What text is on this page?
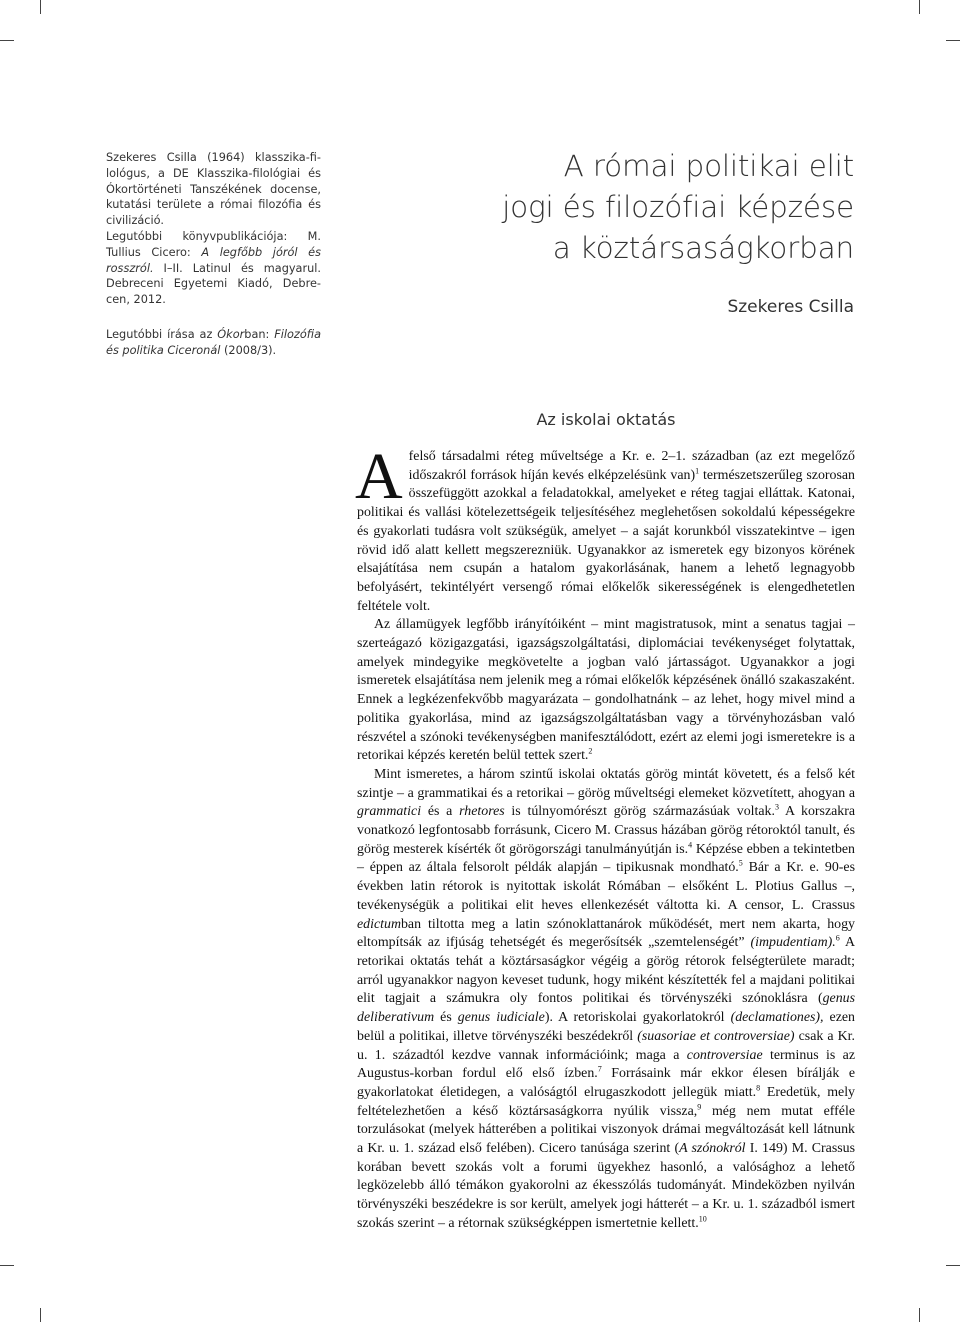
Szekeres Csilla (1964) klasszika-fi-lológus, a DE Klasszika-filológiai és Ókortörténeti Tanszékének docense, kutatási területe a római filozófia és civilizáció.
Legutóbbi könyvpublikációja: M. Tullius Cicero: A legfőbb jóról és rosszról. I–II. Latinul és magyarul. Debreceni Egyetemi Kiadó, Debre-cen, 2012.

Legutóbbi írása az Ókorban: Filozófia és politika Ciceronál (2008/3).

A római politikai elit
jogi és filozófiai képzése
a köztársaságkorban
Szekeres Csilla
Az iskolai oktatás

Afelső társadalmi réteg műveltsége a Kr. e. 2–1. században (az ezt megelőző időszakról források híján kevés elképzelésünk van)$^1$ természetszerűleg szorosan összefüggött azokkal a feladatokkal, amelyeket e réteg tagjai elláttak. Katonai, politikai és vallási kötelezettségeik teljesítéséhez meglehetősen sokoldalú képességekre és gyakorlati tudásra volt szükségük, amelyet – a saját korunkból visszatekintve – igen rövid idő alatt kellett megszerezniük. Ugyanakkor az ismeretek egy bizonyos körének elsajátítása nem csupán a hatalom gyakorlásának, hanem a lehető legnagyobb befolyásért, tekintélyért versengő római előkelők sikerességének is elengedhetetlen feltétele volt.

Az államügyek legfőbb irányítóiként – mint magistratusok, mint a senatus tagjai – szerteágazó közigazgatási, igazságszolgáltatási, diplomáciai tevékenységet folytattak, amelyek mindegyike megkövetelte a jogban való jártasságot. Ugyanakkor a jogi ismeretek elsajátítása nem jelenik meg a római előkelők képzésének önálló szakaszaként. Ennek a legkézenfekvőbb magyarázata – gondolhatnánk – az lehet, hogy mivel mind a politika gyakorlása, mind az igazságszolgáltatásban vagy a törvényhozásban való részvétel a szónoki tevékenységben manifesztálódott, ezért az elemi jogi ismeretekre is a retorikai képzés keretén belül tettek szert.$^2$

Mint ismeretes, a három szintű iskolai oktatás görög mintát követett, és a felső két szintje – a grammatikai és a retorikai – görög műveltségi elemeket közvetített, ahogyan a grammatici és a rhetores is túlnyomórészt görög származásúak voltak.$^3$ A korszakra vonatkozó legfontosabb forrásunk, Cicero M. Crassus házában görög rétoroktól tanult, és görög mesterek kísérték őt görögországi tanulmányútján is.$^4$ Képzése ebben a tekintetben – éppen az általa felsorolt példák alapján – tipikusnak mondható.$^5$ Bár a Kr. e. 90-es években latin rétorok is nyitottak iskolát Rómában – elsőként L. Plotius Gallus –, tevékenységük a politikai elit heves ellenkezését váltotta ki. A censor, L. Crassus edictumban tiltotta meg a latin szónoklattanárok működését, mert nem akarta, hogy eltompítsák az ifjúság tehetségét és megerősítsék „szemtelenségét” (impudentiam).$^6$ A retorikai oktatás tehát a köztársaságkor végéig a görög rétorok felségterülete maradt; arról ugyanakkor nagyon keveset tudunk, hogy miként készítették fel a majdani politikai elit tagjait a számukra oly fontos politikai és törvényszéki szónoklásra (genus deliberativum és genus iudiciale). A retoriskolai gyakorlatokról (declamationes), ezen belül a politikai, illetve törvényszéki beszédekről (suasoriae et controversiae) csak a Kr. u. 1. századtól kezdve vannak információink; maga a controversiae terminus is az Augustus-korban fordul elő első ízben.$^7$ Forrásaink már ekkor élesen bírálják e gyakorlatokat életidegen, a valóságtól elrugaszkodott jellegük miatt.$^8$ Eredetük, mely feltételezhetően a késő köztársaságkorra nyúlik vissza,$^9$ még nem mutat efféle torzulásokat (melyek hátterében a politikai viszonyok drámai megváltozását kell látnunk a Kr. u. 1. század első felében). Cicero tanúsága szerint (A szónokról I. 149) M. Crassus korában bevett szokás volt a forumi ügyekhez hasonló, a valósághoz a lehető legközelebb álló témákon gyakorolni az ékesszólás tudományát. Mindeközben nyilván törvényszéki beszédekre is sor került, amelyek jogi hátterét – a Kr. u. 1. századból ismert szokás szerint – a rétornak szükségképpen ismertetnie kellett.$^{10}$
